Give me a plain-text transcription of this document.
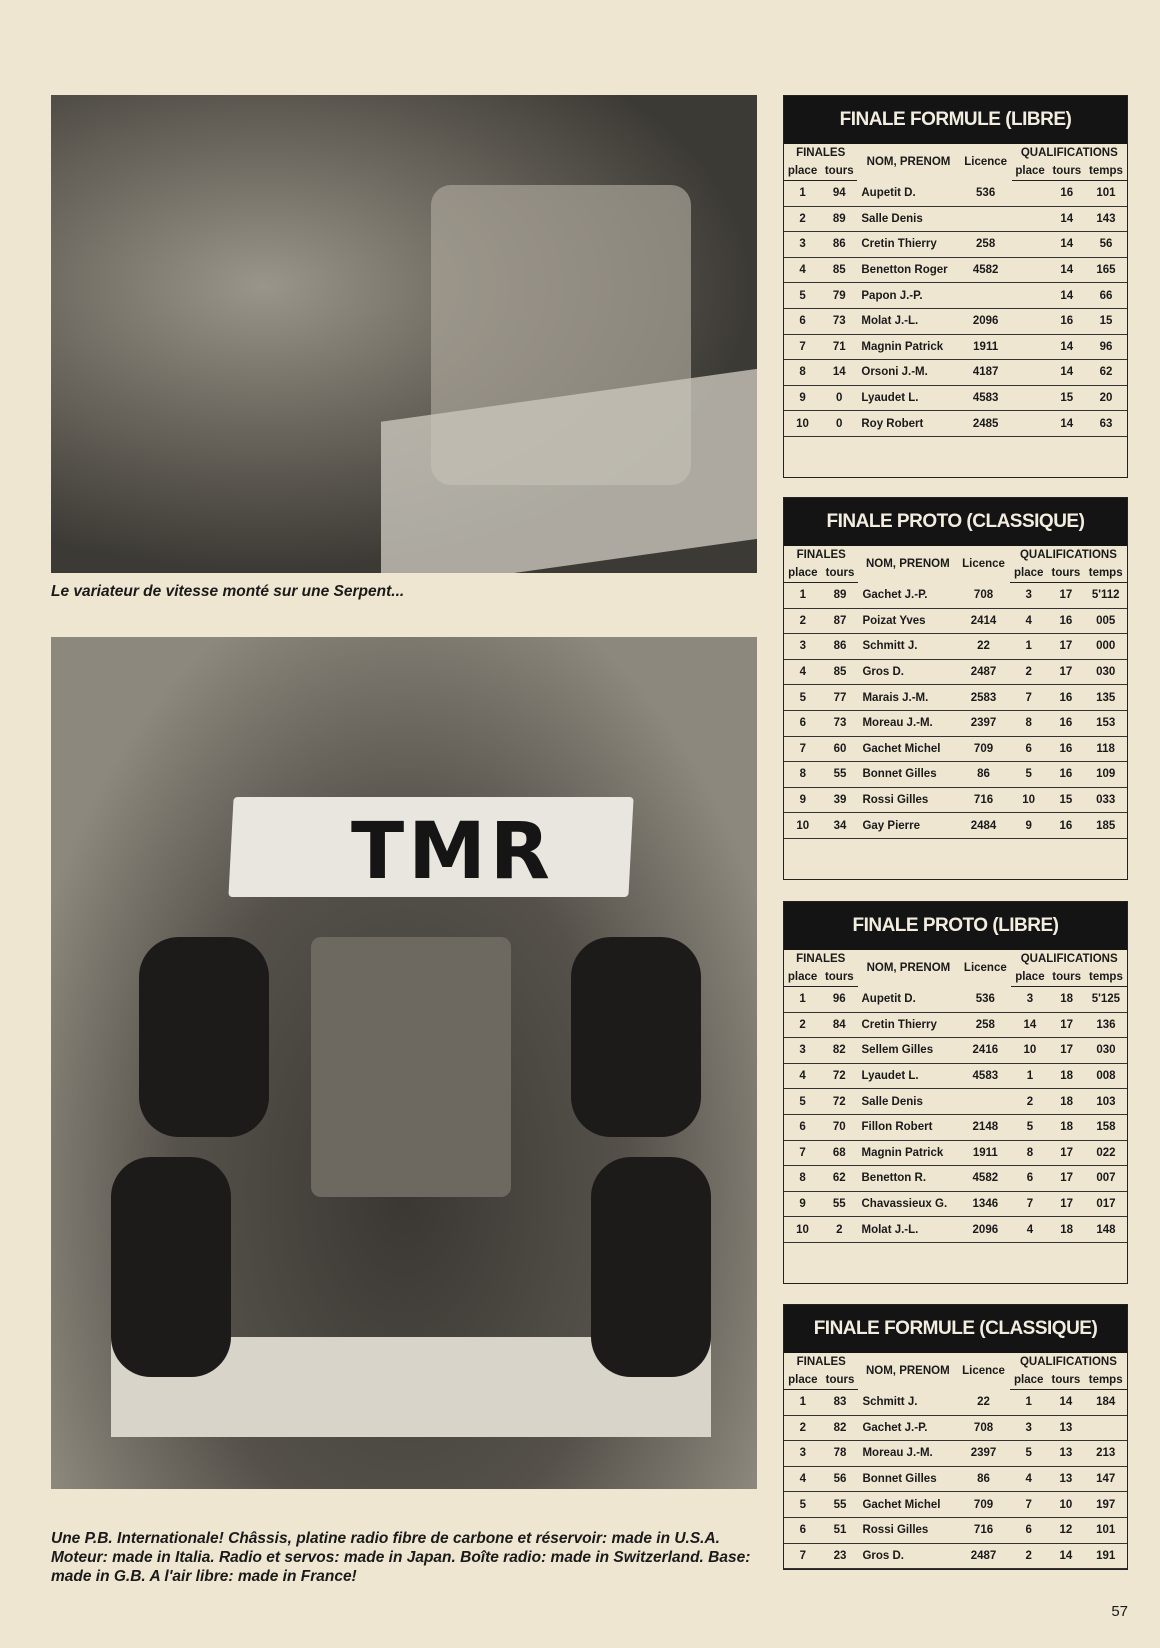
Le variateur de vitesse monté sur une Serpent...
TMR
Une P.B. Internationale! Châssis, platine radio fibre de carbone et réservoir: made in U.S.A. Moteur: made in Italia. Radio et servos: made in Japan. Boîte radio: made in Switzerland. Base: made in G.B. A l'air libre: made in France!
FINALE FORMULE (LIBRE)
FINALES		NOM, PRENOM	Licence	QUALIFICATIONS		
place	tours			place	tours	temps
1	94	Aupetit D.	536		16	101
2	89	Salle Denis			14	143
3	86	Cretin Thierry	258		14	56
4	85	Benetton Roger	4582		14	165
5	79	Papon J.-P.			14	66
6	73	Molat J.-L.	2096		16	15
7	71	Magnin Patrick	1911		14	96
8	14	Orsoni J.-M.	4187		14	62
9	0	Lyaudet L.	4583		15	20
10	0	Roy Robert	2485		14	63
FINALE PROTO (CLASSIQUE)
FINALES		NOM, PRENOM	Licence	QUALIFICATIONS		
place	tours			place	tours	temps
1	89	Gachet J.-P.	708	3	17	5'112
2	87	Poizat Yves	2414	4	16	005
3	86	Schmitt J.	22	1	17	000
4	85	Gros D.	2487	2	17	030
5	77	Marais J.-M.	2583	7	16	135
6	73	Moreau J.-M.	2397	8	16	153
7	60	Gachet Michel	709	6	16	118
8	55	Bonnet Gilles	86	5	16	109
9	39	Rossi Gilles	716	10	15	033
10	34	Gay Pierre	2484	9	16	185
FINALE PROTO (LIBRE)
FINALES		NOM, PRENOM	Licence	QUALIFICATIONS		
place	tours			place	tours	temps
1	96	Aupetit D.	536	3	18	5'125
2	84	Cretin Thierry	258	14	17	136
3	82	Sellem Gilles	2416	10	17	030
4	72	Lyaudet L.	4583	1	18	008
5	72	Salle Denis		2	18	103
6	70	Fillon Robert	2148	5	18	158
7	68	Magnin Patrick	1911	8	17	022
8	62	Benetton R.	4582	6	17	007
9	55	Chavassieux G.	1346	7	17	017
10	2	Molat J.-L.	2096	4	18	148
FINALE FORMULE (CLASSIQUE)
FINALES		NOM, PRENOM	Licence	QUALIFICATIONS		
place	tours			place	tours	temps
1	83	Schmitt J.	22	1	14	184
2	82	Gachet J.-P.	708	3	13	
3	78	Moreau J.-M.	2397	5	13	213
4	56	Bonnet Gilles	86	4	13	147
5	55	Gachet Michel	709	7	10	197
6	51	Rossi Gilles	716	6	12	101
7	23	Gros D.	2487	2	14	191
57
